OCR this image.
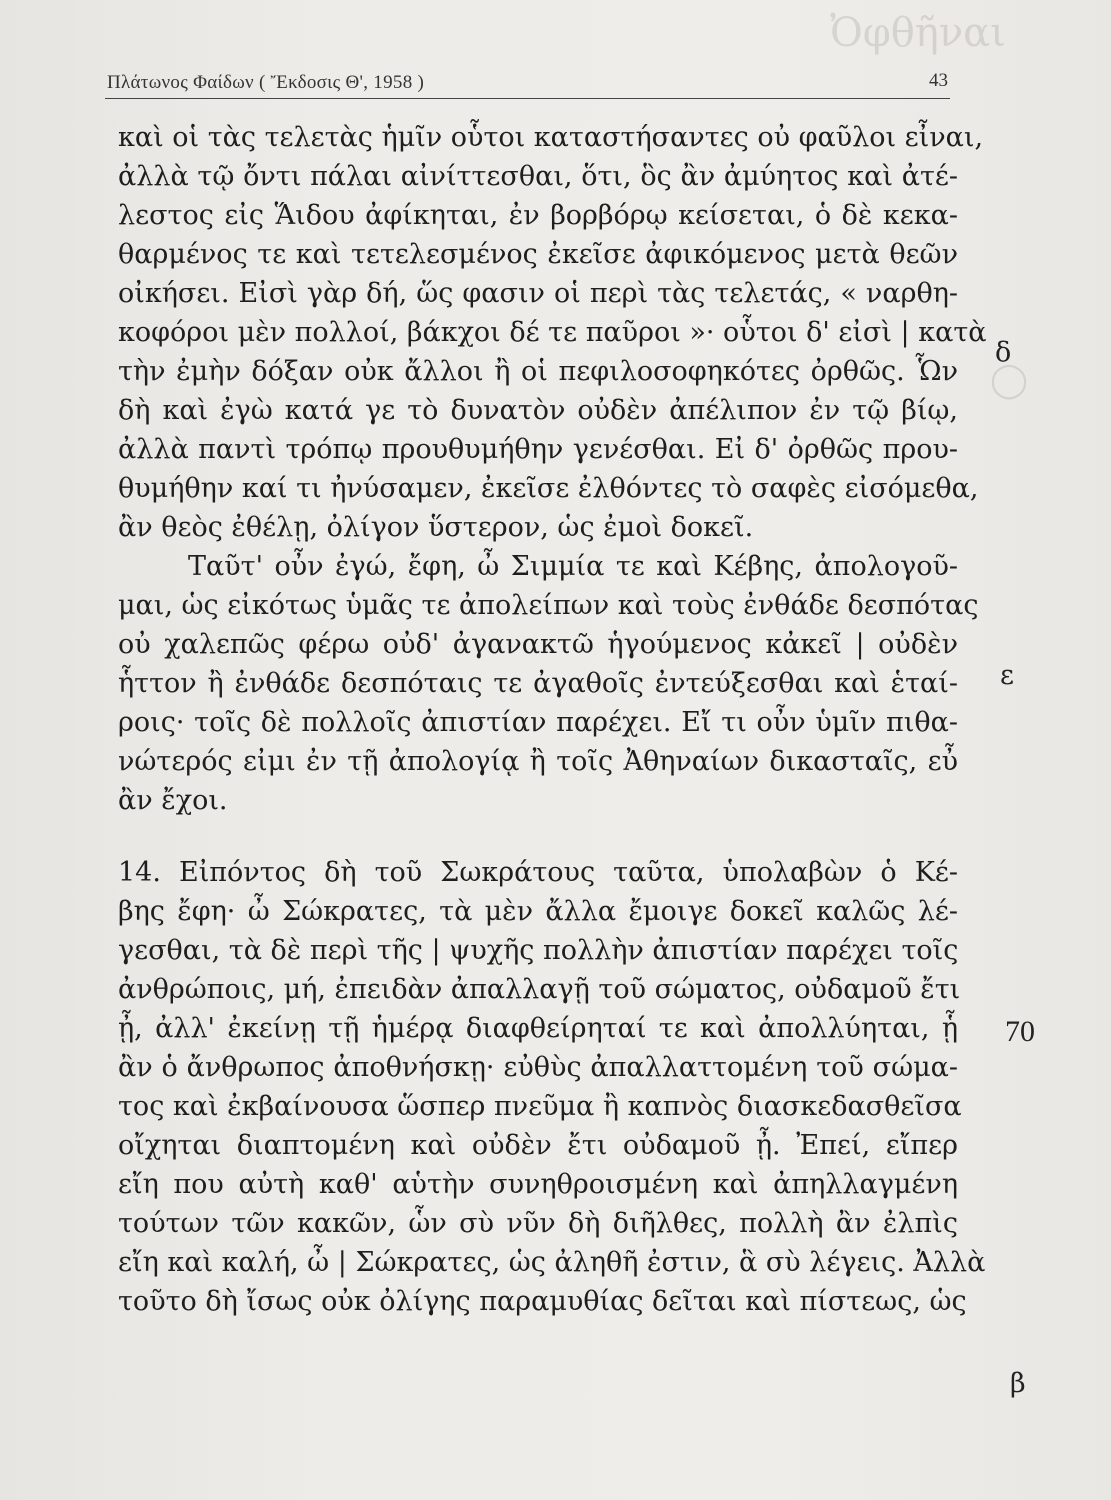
Ὀφθῆναι
◯
Πλάτωνος Φαίδων ( Ἔκδοσις Θ', 1958 )	43
καὶ οἱ τὰς τελετὰς ἡμῖν οὗτοι καταστήσαντες οὐ φαῦλοι εἶναι,
ἀλλὰ τῷ ὄντι πάλαι αἰνίττεσθαι, ὅτι, ὃς ἂν ἀμύητος καὶ ἀτέ-
λεστος εἰς Ἅιδου ἀφίκηται, ἐν βορβόρῳ κείσεται, ὁ δὲ κεκα-
θαρμένος τε καὶ τετελεσμένος ἐκεῖσε ἀφικόμενος μετὰ θεῶν
οἰκήσει. Εἰσὶ γὰρ δή, ὥς φασιν οἱ περὶ τὰς τελετάς, « ναρθη-
κοφόροι μὲν πολλοί, βάκχοι δέ τε παῦροι »· οὗτοι δ' εἰσὶ | κατὰ
τὴν ἐμὴν δόξαν οὐκ ἄλλοι ἢ οἱ πεφιλοσοφηκότες ὀρθῶς. Ὧν
δὴ καὶ ἐγὼ κατά γε τὸ δυνατὸν οὐδὲν ἀπέλιπον ἐν τῷ βίῳ,
ἀλλὰ παντὶ τρόπῳ προυθυμήθην γενέσθαι. Εἰ δ' ὀρθῶς πρου-
θυμήθην καί τι ἠνύσαμεν, ἐκεῖσε ἐλθόντες τὸ σαφὲς εἰσόμεθα,
ἂν θεὸς ἐθέλῃ, ὀλίγον ὕστερον, ὡς ἐμοὶ δοκεῖ.
Ταῦτ' οὖν ἐγώ, ἔφη, ὦ Σιμμία τε καὶ Κέβης, ἀπολογοῦ-
μαι, ὡς εἰκότως ὑμᾶς τε ἀπολείπων καὶ τοὺς ἐνθάδε δεσπότας
οὐ χαλεπῶς φέρω οὐδ' ἀγανακτῶ ἡγούμενος κἀκεῖ | οὐδὲν
ἧττον ἢ ἐνθάδε δεσπόταις τε ἀγαθοῖς ἐντεύξεσθαι καὶ ἑταί-
ροις· τοῖς δὲ πολλοῖς ἀπιστίαν παρέχει. Εἴ τι οὖν ὑμῖν πιθα-
νώτερός εἰμι ἐν τῇ ἀπολογίᾳ ἢ τοῖς Ἀθηναίων δικασταῖς, εὖ
ἂν ἔχοι.
14. Εἰπόντος δὴ τοῦ Σωκράτους ταῦτα, ὑπολαβὼν ὁ Κέ-
βης ἔφη· ὦ Σώκρατες, τὰ μὲν ἄλλα ἔμοιγε δοκεῖ καλῶς λέ-
γεσθαι, τὰ δὲ περὶ τῆς | ψυχῆς πολλὴν ἀπιστίαν παρέχει τοῖς
ἀνθρώποις, μή, ἐπειδὰν ἀπαλλαγῇ τοῦ σώματος, οὐδαμοῦ ἔτι
ᾖ, ἀλλ' ἐκείνῃ τῇ ἡμέρᾳ διαφθείρηταί τε καὶ ἀπολλύηται, ᾗ
ἂν ὁ ἄνθρωπος ἀποθνήσκῃ· εὐθὺς ἀπαλλαττομένη τοῦ σώμα-
τος καὶ ἐκβαίνουσα ὥσπερ πνεῦμα ἢ καπνὸς διασκεδασθεῖσα
οἴχηται διαπτομένη καὶ οὐδὲν ἔτι οὐδαμοῦ ᾖ. Ἐπεί, εἴπερ
εἴη που αὐτὴ καθ' αὑτὴν συνηθροισμένη καὶ ἀπηλλαγμένη
τούτων τῶν κακῶν, ὧν σὺ νῦν δὴ διῆλθες, πολλὴ ἂν ἐλπὶς
εἴη καὶ καλή, ὦ | Σώκρατες, ὡς ἀληθῆ ἐστιν, ἃ σὺ λέγεις. Ἀλλὰ
τοῦτο δὴ ἴσως οὐκ ὀλίγης παραμυθίας δεῖται καὶ πίστεως, ὡς
δ
ε
70
β
